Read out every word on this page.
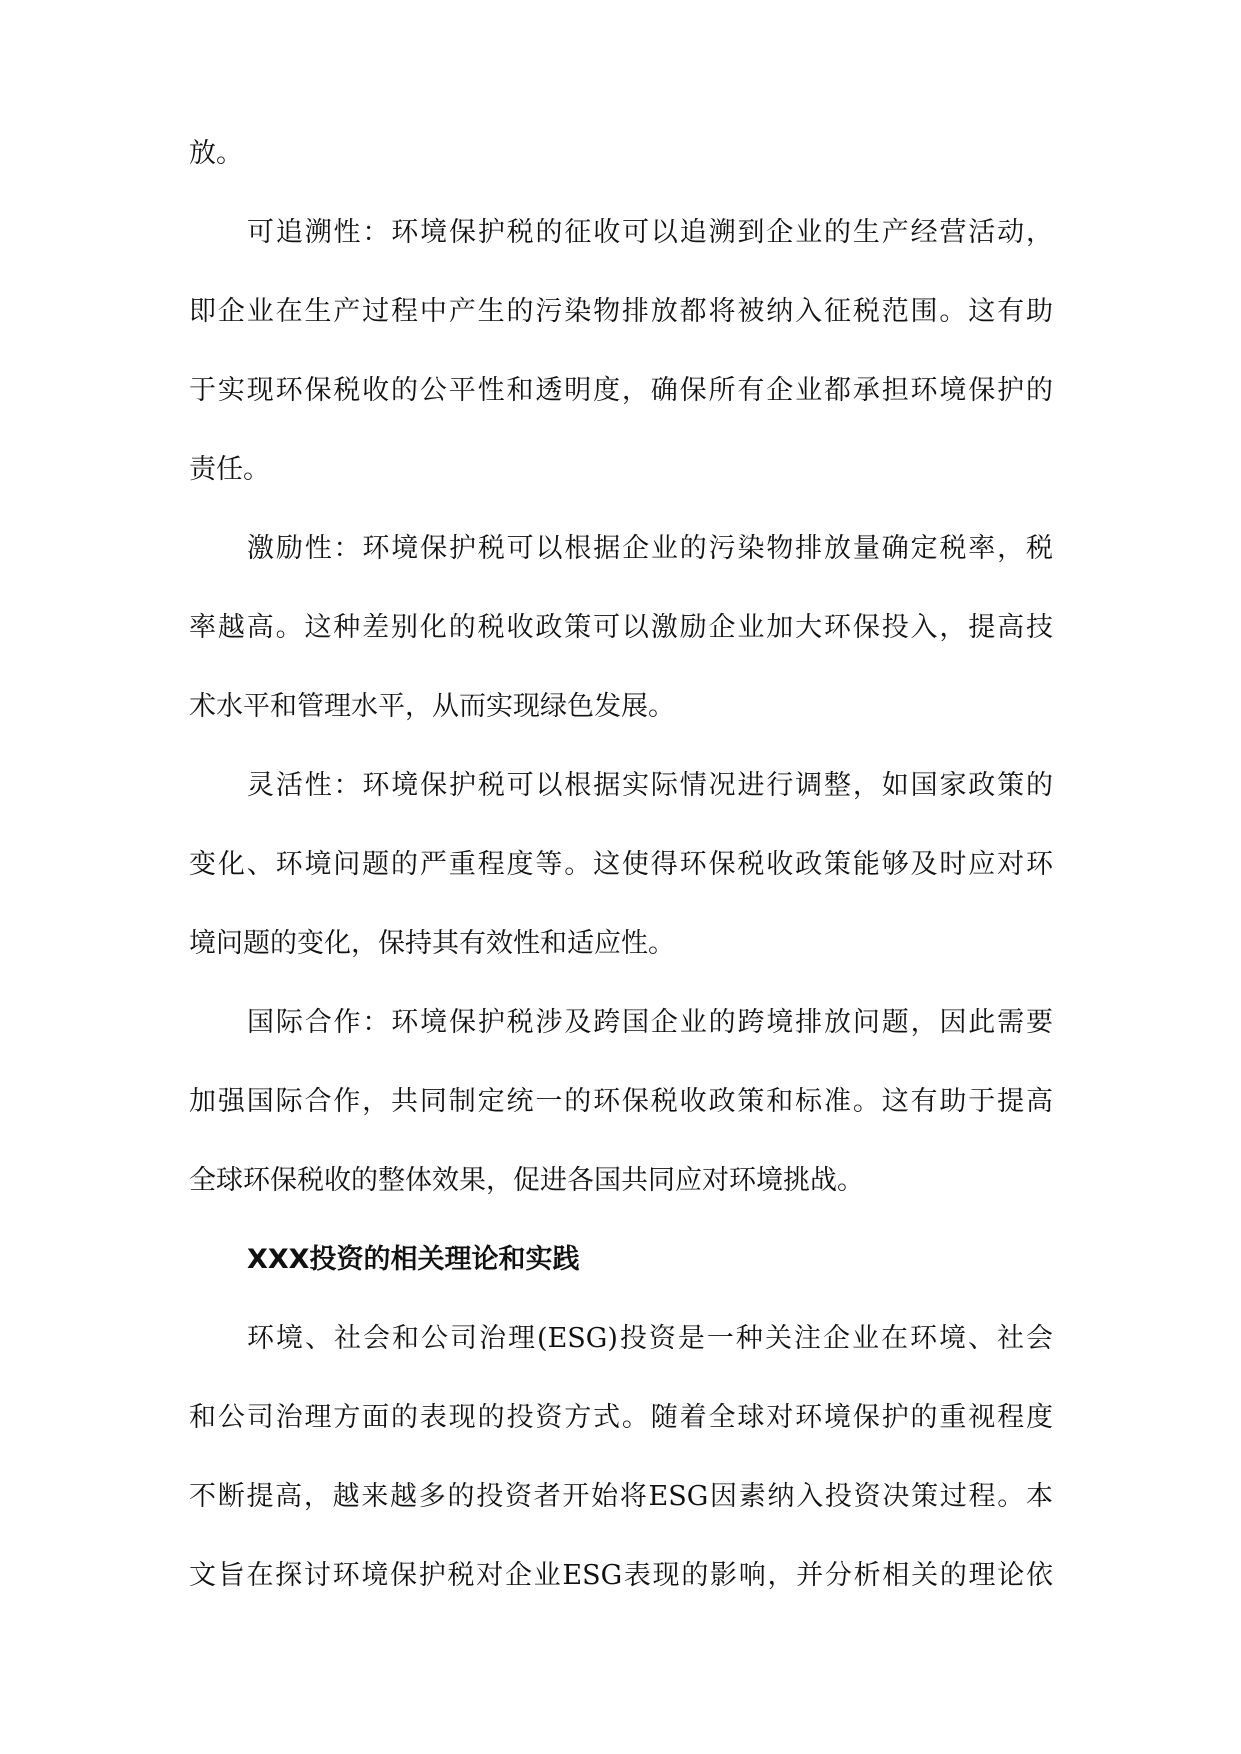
放。
可追溯性：环境保护税的征收可以追溯到企业的生产经营活动，
即企业在生产过程中产生的污染物排放都将被纳入征税范围。这有助
于实现环保税收的公平性和透明度，确保所有企业都承担环境保护的
责任。
激励性：环境保护税可以根据企业的污染物排放量确定税率，税
率越高。这种差别化的税收政策可以激励企业加大环保投入，提高技
术水平和管理水平，从而实现绿色发展。
灵活性：环境保护税可以根据实际情况进行调整，如国家政策的
变化、环境问题的严重程度等。这使得环保税收政策能够及时应对环
境问题的变化，保持其有效性和适应性。
国际合作：环境保护税涉及跨国企业的跨境排放问题，因此需要
加强国际合作，共同制定统一的环保税收政策和标准。这有助于提高
全球环保税收的整体效果，促进各国共同应对环境挑战。
XXX投资的相关理论和实践
环境、社会和公司治理(ESG)投资是一种关注企业在环境、社会
和公司治理方面的表现的投资方式。随着全球对环境保护的重视程度
不断提高，越来越多的投资者开始将ESG因素纳入投资决策过程。本
文旨在探讨环境保护税对企业ESG表现的影响，并分析相关的理论依
